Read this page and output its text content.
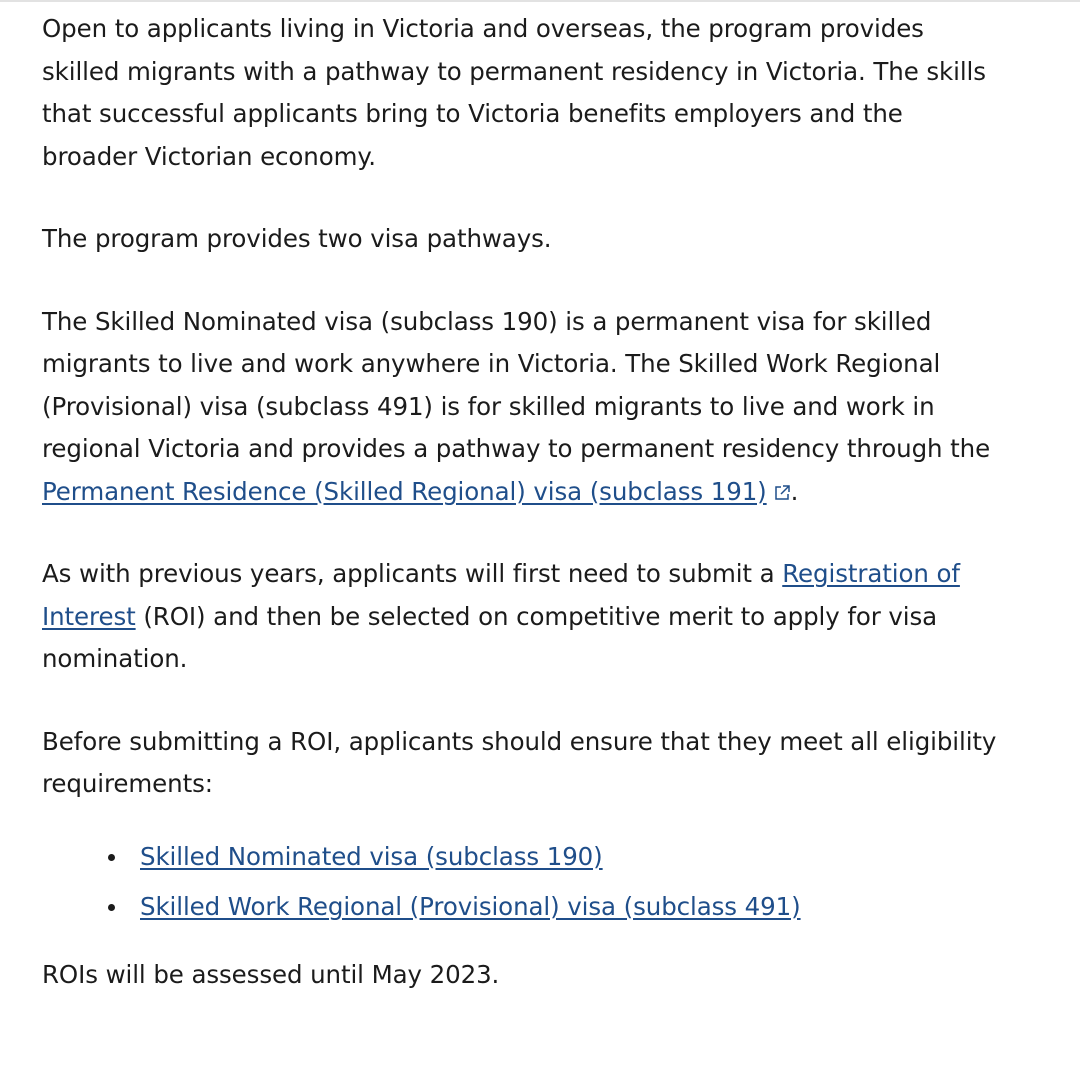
Open to applicants living in Victoria and overseas, the program provides skilled migrants with a pathway to permanent residency in Victoria. The skills that successful applicants bring to Victoria benefits employers and the broader Victorian economy.

The program provides two visa pathways.

The Skilled Nominated visa (subclass 190) is a permanent visa for skilled migrants to live and work anywhere in Victoria. The Skilled Work Regional (Provisional) visa (subclass 491) is for skilled migrants to live and work in regional Victoria and provides a pathway to permanent residency through the Permanent Residence (Skilled Regional) visa (subclass 191) .

As with previous years, applicants will first need to submit a Registration of Interest (ROI) and then be selected on competitive merit to apply for visa nomination.

Before submitting a ROI, applicants should ensure that they meet all eligibility requirements:

Skilled Nominated visa (subclass 190)
Skilled Work Regional (Provisional) visa (subclass 491)

ROIs will be assessed until May 2023.
